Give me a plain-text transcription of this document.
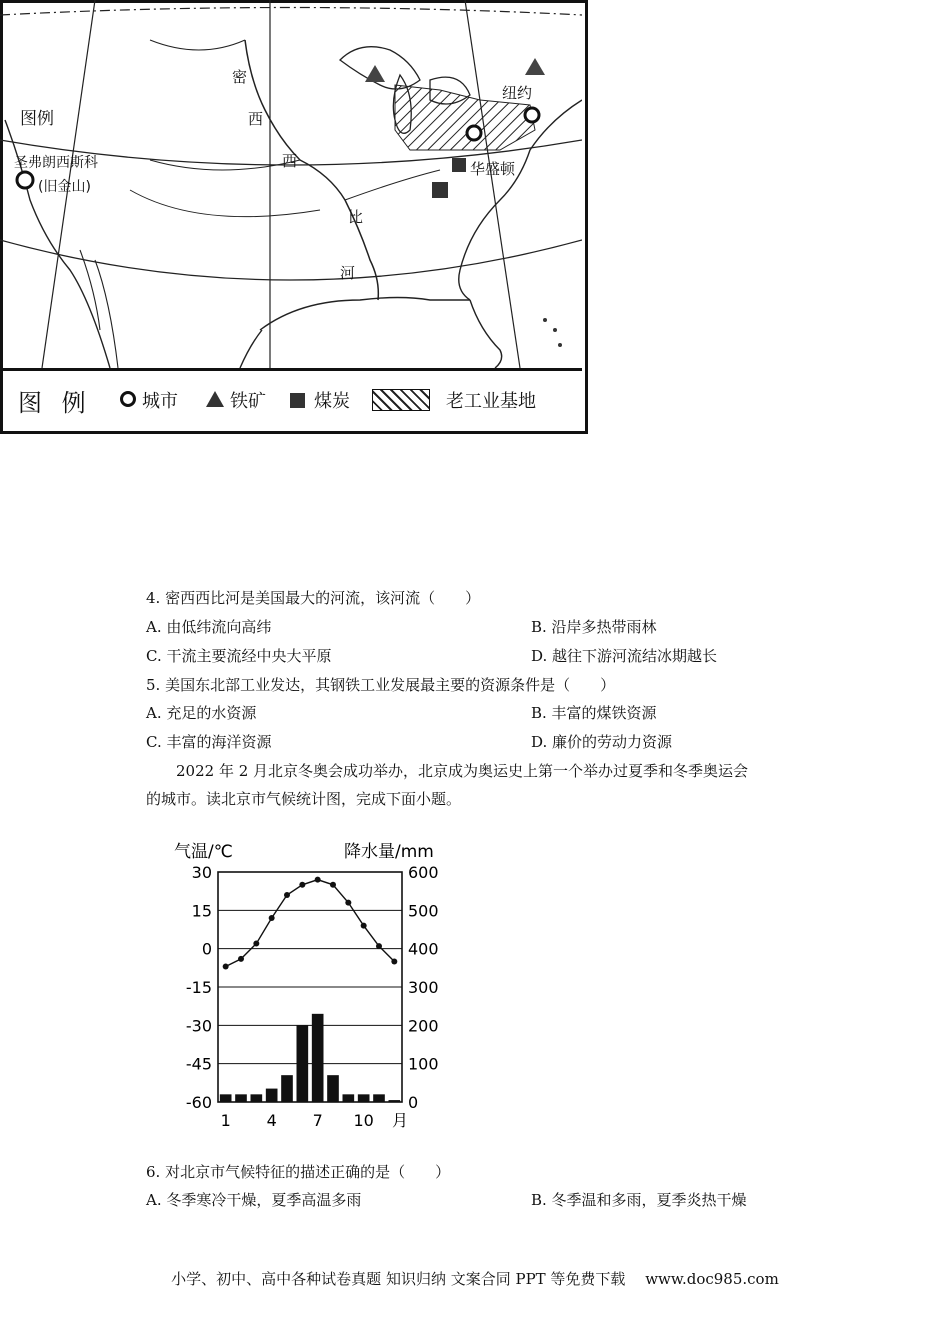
图例
密
西
西
比
河
圣弗朗西斯科
(旧金山)
纽约
华盛顿
图 例	城市	铁矿	煤炭	老工业基地
4. 密西西比河是美国最大的河流，该河流（　　）
A. 由低纬流向高纬	B. 沿岸多热带雨林
C. 干流主要流经中央大平原	D. 越往下游河流结冰期越长
5. 美国东北部工业发达，其钢铁工业发展最主要的资源条件是（　　）
A. 充足的水资源	B. 丰富的煤铁资源
C. 丰富的海洋资源	D. 廉价的劳动力资源
2022 年 2 月北京冬奥会成功举办，北京成为奥运史上第一个举办过夏季和冬季奥运会
的城市。读北京市气候统计图，完成下面小题。
气温/℃	降水量/mm
30
15
0
-15
-30
-45
-60
600
500
400
300
200
100
0
1 4 7 10 月
6. 对北京市气候特征的描述正确的是（　　）
A. 冬季寒冷干燥，夏季高温多雨	B. 冬季温和多雨，夏季炎热干燥
小学、初中、高中各种试卷真题 知识归纳 文案合同 PPT 等免费下载　 www.doc985.com
